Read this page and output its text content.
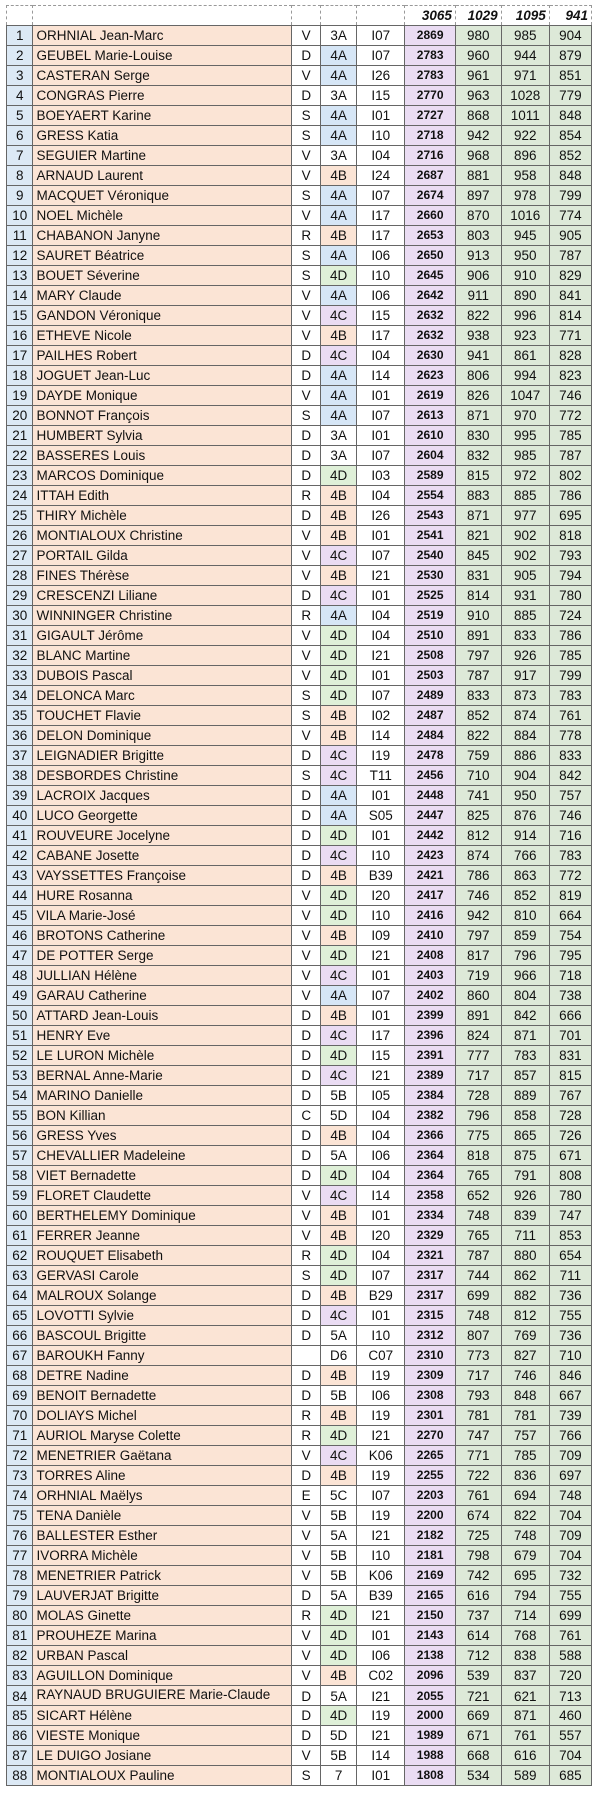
					3065	1029	1095	941
1	ORHNIAL Jean-Marc	V	3A	I07	2869	980	985	904
2	GEUBEL Marie-Louise	D	4A	I07	2783	960	944	879
3	CASTERAN Serge	V	4A	I26	2783	961	971	851
4	CONGRAS Pierre	D	3A	I15	2770	963	1028	779
5	BOEYAERT Karine	S	4A	I01	2727	868	1011	848
6	GRESS Katia	S	4A	I10	2718	942	922	854
7	SEGUIER Martine	V	3A	I04	2716	968	896	852
8	ARNAUD Laurent	V	4B	I24	2687	881	958	848
9	MACQUET Véronique	S	4A	I07	2674	897	978	799
10	NOEL Michèle	V	4A	I17	2660	870	1016	774
11	CHABANON Janyne	R	4B	I17	2653	803	945	905
12	SAURET Béatrice	S	4A	I06	2650	913	950	787
13	BOUET Séverine	S	4D	I10	2645	906	910	829
14	MARY Claude	V	4A	I06	2642	911	890	841
15	GANDON Véronique	V	4C	I15	2632	822	996	814
16	ETHEVE Nicole	V	4B	I17	2632	938	923	771
17	PAILHES Robert	D	4C	I04	2630	941	861	828
18	JOGUET Jean-Luc	D	4A	I14	2623	806	994	823
19	DAYDE Monique	V	4A	I01	2619	826	1047	746
20	BONNOT François	S	4A	I07	2613	871	970	772
21	HUMBERT Sylvia	D	3A	I01	2610	830	995	785
22	BASSERES Louis	D	3A	I07	2604	832	985	787
23	MARCOS Dominique	D	4D	I03	2589	815	972	802
24	ITTAH Edith	R	4B	I04	2554	883	885	786
25	THIRY Michèle	D	4B	I26	2543	871	977	695
26	MONTIALOUX Christine	V	4B	I01	2541	821	902	818
27	PORTAIL Gilda	V	4C	I07	2540	845	902	793
28	FINES Thérèse	V	4B	I21	2530	831	905	794
29	CRESCENZI Liliane	D	4C	I01	2525	814	931	780
30	WINNINGER Christine	R	4A	I04	2519	910	885	724
31	GIGAULT Jérôme	V	4D	I04	2510	891	833	786
32	BLANC Martine	V	4D	I21	2508	797	926	785
33	DUBOIS Pascal	V	4D	I01	2503	787	917	799
34	DELONCA Marc	S	4D	I07	2489	833	873	783
35	TOUCHET Flavie	S	4B	I02	2487	852	874	761
36	DELON Dominique	V	4B	I14	2484	822	884	778
37	LEIGNADIER Brigitte	D	4C	I19	2478	759	886	833
38	DESBORDES Christine	S	4C	T11	2456	710	904	842
39	LACROIX Jacques	D	4A	I01	2448	741	950	757
40	LUCO Georgette	D	4A	S05	2447	825	876	746
41	ROUVEURE Jocelyne	D	4D	I01	2442	812	914	716
42	CABANE Josette	D	4C	I10	2423	874	766	783
43	VAYSSETTES Françoise	D	4B	B39	2421	786	863	772
44	HURE Rosanna	V	4D	I20	2417	746	852	819
45	VILA Marie-José	V	4D	I10	2416	942	810	664
46	BROTONS Catherine	V	4B	I09	2410	797	859	754
47	DE POTTER Serge	V	4D	I21	2408	817	796	795
48	JULLIAN Hélène	V	4C	I01	2403	719	966	718
49	GARAU Catherine	V	4A	I07	2402	860	804	738
50	ATTARD Jean-Louis	D	4B	I01	2399	891	842	666
51	HENRY Eve	D	4C	I17	2396	824	871	701
52	LE LURON Michèle	D	4D	I15	2391	777	783	831
53	BERNAL Anne-Marie	D	4C	I21	2389	717	857	815
54	MARINO Danielle	D	5B	I05	2384	728	889	767
55	BON Killian	C	5D	I04	2382	796	858	728
56	GRESS Yves	D	4B	I04	2366	775	865	726
57	CHEVALLIER Madeleine	D	5A	I06	2364	818	875	671
58	VIET Bernadette	D	4D	I04	2364	765	791	808
59	FLORET Claudette	V	4C	I14	2358	652	926	780
60	BERTHELEMY Dominique	V	4B	I01	2334	748	839	747
61	FERRER Jeanne	V	4B	I20	2329	765	711	853
62	ROUQUET Elisabeth	R	4D	I04	2321	787	880	654
63	GERVASI Carole	S	4D	I07	2317	744	862	711
64	MALROUX Solange	D	4B	B29	2317	699	882	736
65	LOVOTTI Sylvie	D	4C	I01	2315	748	812	755
66	BASCOUL Brigitte	D	5A	I10	2312	807	769	736
67	BAROUKH Fanny		D6	C07	2310	773	827	710
68	DETRE Nadine	D	4B	I19	2309	717	746	846
69	BENOIT Bernadette	D	5B	I06	2308	793	848	667
70	DOLIAYS Michel	R	4B	I19	2301	781	781	739
71	AURIOL Maryse Colette	R	4D	I21	2270	747	757	766
72	MENETRIER Gaëtana	V	4C	K06	2265	771	785	709
73	TORRES Aline	D	4B	I19	2255	722	836	697
74	ORHNIAL Maëlys	E	5C	I07	2203	761	694	748
75	TENA Danièle	V	5B	I19	2200	674	822	704
76	BALLESTER Esther	V	5A	I21	2182	725	748	709
77	IVORRA Michèle	V	5B	I10	2181	798	679	704
78	MENETRIER Patrick	V	5B	K06	2169	742	695	732
79	LAUVERJAT Brigitte	D	5A	B39	2165	616	794	755
80	MOLAS Ginette	R	4D	I21	2150	737	714	699
81	PROUHEZE Marina	V	4D	I01	2143	614	768	761
82	URBAN Pascal	V	4D	I06	2138	712	838	588
83	AGUILLON Dominique	V	4B	C02	2096	539	837	720
84	RAYNAUD BRUGUIERE Marie-Claude	D	5A	I21	2055	721	621	713
85	SICART Hélène	D	4D	I19	2000	669	871	460
86	VIESTE Monique	D	5D	I21	1989	671	761	557
87	LE DUIGO Josiane	V	5B	I14	1988	668	616	704
88	MONTIALOUX Pauline	S	7	I01	1808	534	589	685
